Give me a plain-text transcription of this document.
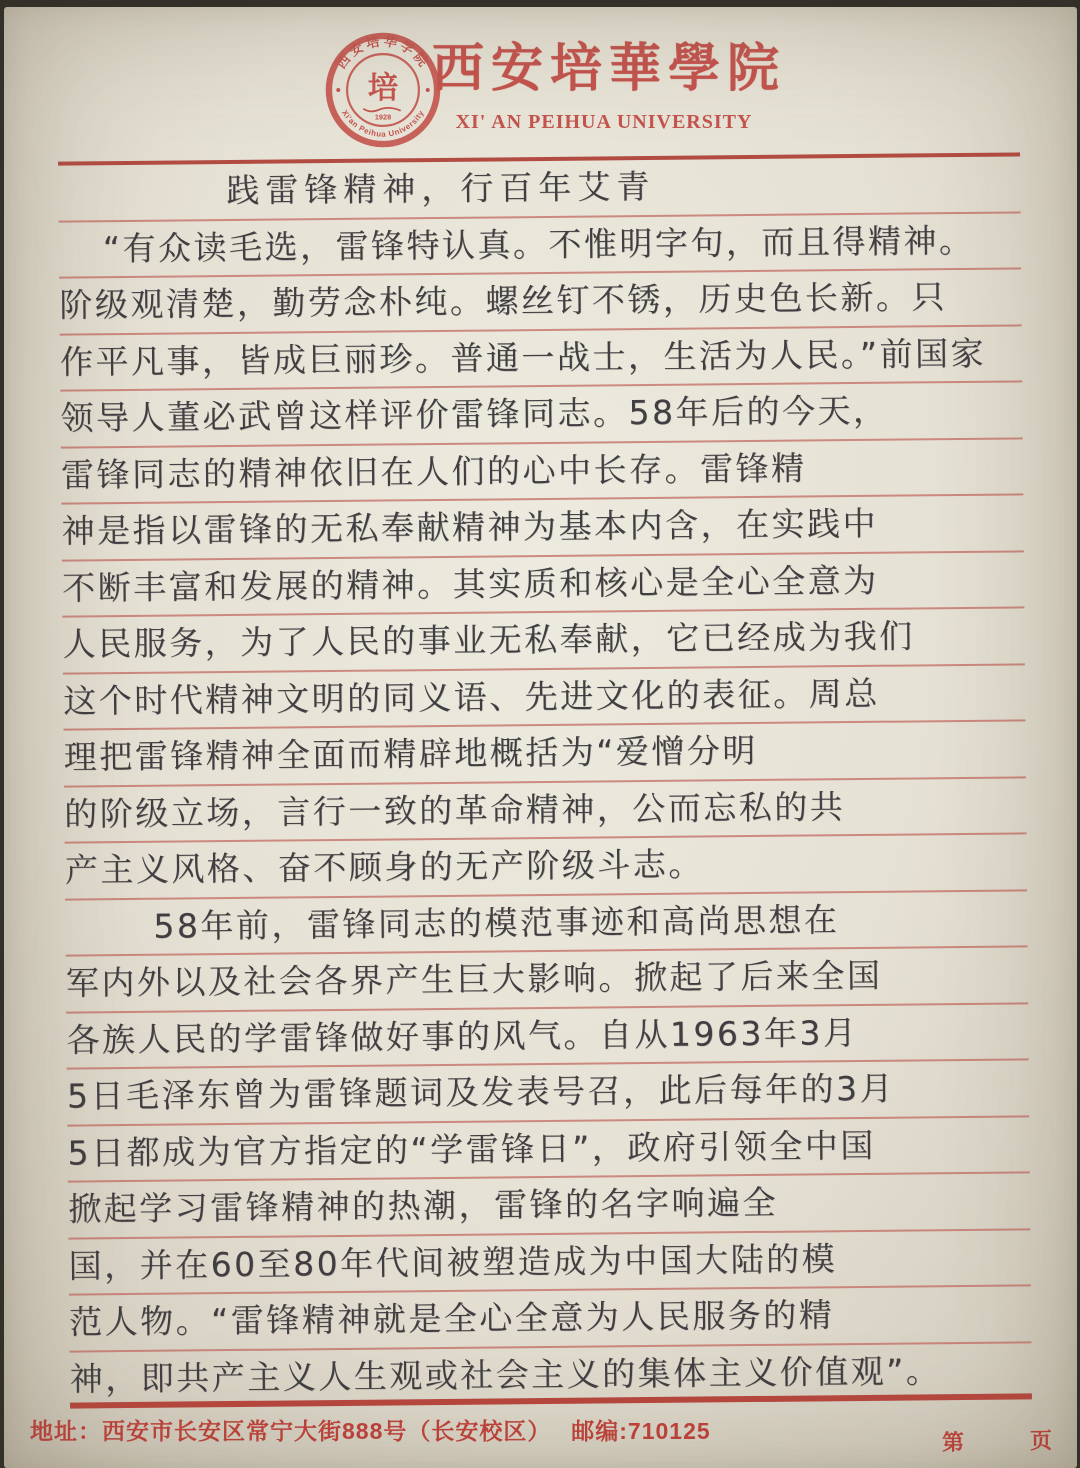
西安培华学院
Xi'an Peihua University
培
1928
西安培華學院
XI' AN PEIHUA UNIVERSITY
践雷锋精神，行百年艾青
“有众读毛选，雷锋特认真。不惟明字句，而且得精神。
阶级观清楚，勤劳念朴纯。螺丝钉不锈，历史色长新。只
作平凡事，皆成巨丽珍。普通一战士，生活为人民。”前国家
领导人董必武曾这样评价雷锋同志。58年后的今天，
雷锋同志的精神依旧在人们的心中长存。雷锋精
神是指以雷锋的无私奉献精神为基本内含，在实践中
不断丰富和发展的精神。其实质和核心是全心全意为
人民服务，为了人民的事业无私奉献，它已经成为我们
这个时代精神文明的同义语、先进文化的表征。周总
理把雷锋精神全面而精辟地概括为“爱憎分明
的阶级立场，言行一致的革命精神，公而忘私的共
产主义风格、奋不顾身的无产阶级斗志。
58年前，雷锋同志的模范事迹和高尚思想在
军内外以及社会各界产生巨大影响。掀起了后来全国
各族人民的学雷锋做好事的风气。自从1963年3月
5日毛泽东曾为雷锋题词及发表号召，此后每年的3月
5日都成为官方指定的“学雷锋日”，政府引领全中国
掀起学习雷锋精神的热潮，雷锋的名字响遍全
国，并在60至80年代间被塑造成为中国大陆的模
范人物。“雷锋精神就是全心全意为人民服务的精
神，即共产主义人生观或社会主义的集体主义价值观”。
地址：西安市长安区常宁大街888号（长安校区）　 邮编:710125	第	页
